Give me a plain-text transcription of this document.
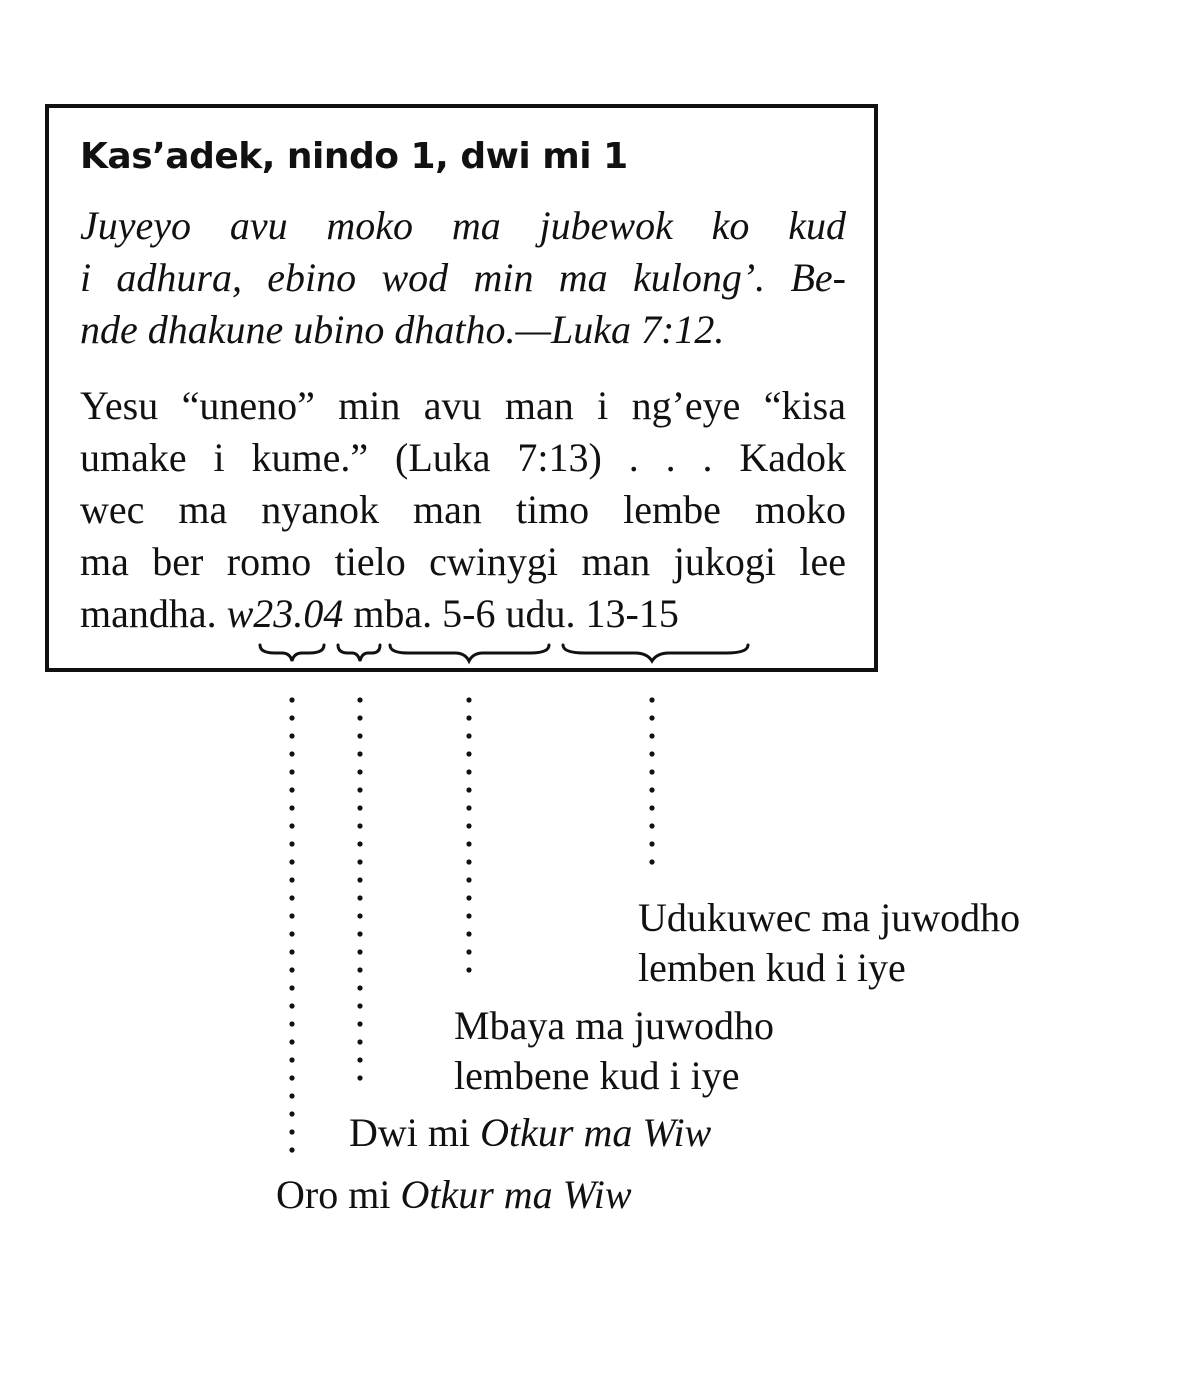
Kas’adek, nindo 1, dwi mi 1
Juyeyo avu moko ma jubewok ko kud
i adhura, ebino wod min ma kulong’. Be-
nde dhakune ubino dhatho.—Luka 7:12.
Yesu “uneno” min avu man i ng’eye “kisa
umake i kume.” (Luka 7:13) . . . Kadok
wec ma nyanok man timo lembe moko
ma ber romo tielo cwinygi man jukogi lee
mandha. w23.04 mba. 5-6 udu. 13-15
Udukuwec ma juwodho
lemben kud i iye
Mbaya ma juwodho
lembene kud i iye
Dwi mi Otkur ma Wiw
Oro mi Otkur ma Wiw
